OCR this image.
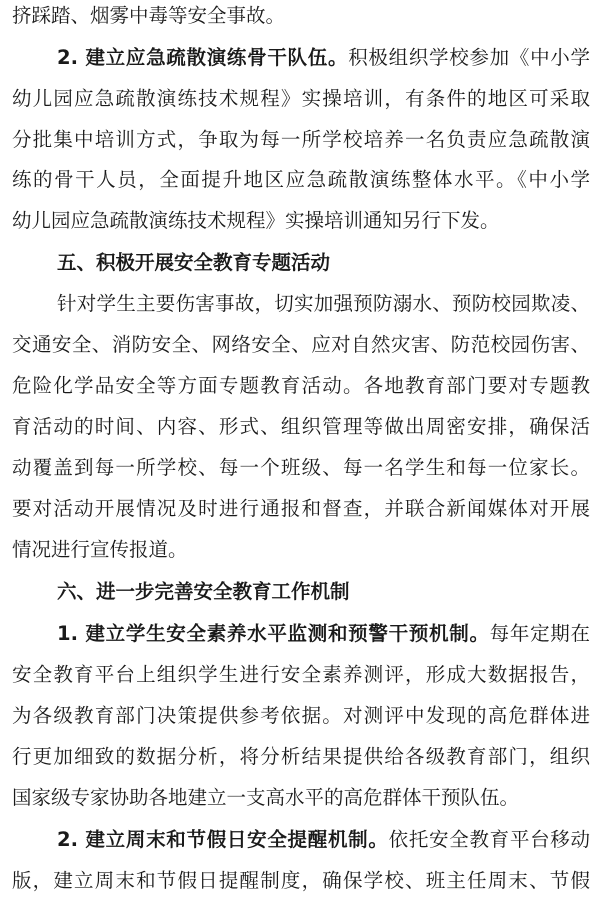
挤踩踏、烟雾中毒等安全事故。
2. 建立应急疏散演练骨干队伍。积极组织学校参加《中小学
幼儿园应急疏散演练技术规程》实操培训，有条件的地区可采取
分批集中培训方式，争取为每一所学校培养一名负责应急疏散演
练的骨干人员，全面提升地区应急疏散演练整体水平。《中小学
幼儿园应急疏散演练技术规程》实操培训通知另行下发。
五、积极开展安全教育专题活动
针对学生主要伤害事故，切实加强预防溺水、预防校园欺凌、
交通安全、消防安全、网络安全、应对自然灾害、防范校园伤害、
危险化学品安全等方面专题教育活动。各地教育部门要对专题教
育活动的时间、内容、形式、组织管理等做出周密安排，确保活
动覆盖到每一所学校、每一个班级、每一名学生和每一位家长。
要对活动开展情况及时进行通报和督查，并联合新闻媒体对开展
情况进行宣传报道。
六、进一步完善安全教育工作机制
1. 建立学生安全素养水平监测和预警干预机制。每年定期在
安全教育平台上组织学生进行安全素养测评，形成大数据报告，
为各级教育部门决策提供参考依据。对测评中发现的高危群体进
行更加细致的数据分析，将分析结果提供给各级教育部门，组织
国家级专家协助各地建立一支高水平的高危群体干预队伍。
2. 建立周末和节假日安全提醒机制。依托安全教育平台移动
版，建立周末和节假日提醒制度，确保学校、班主任周末、节假
